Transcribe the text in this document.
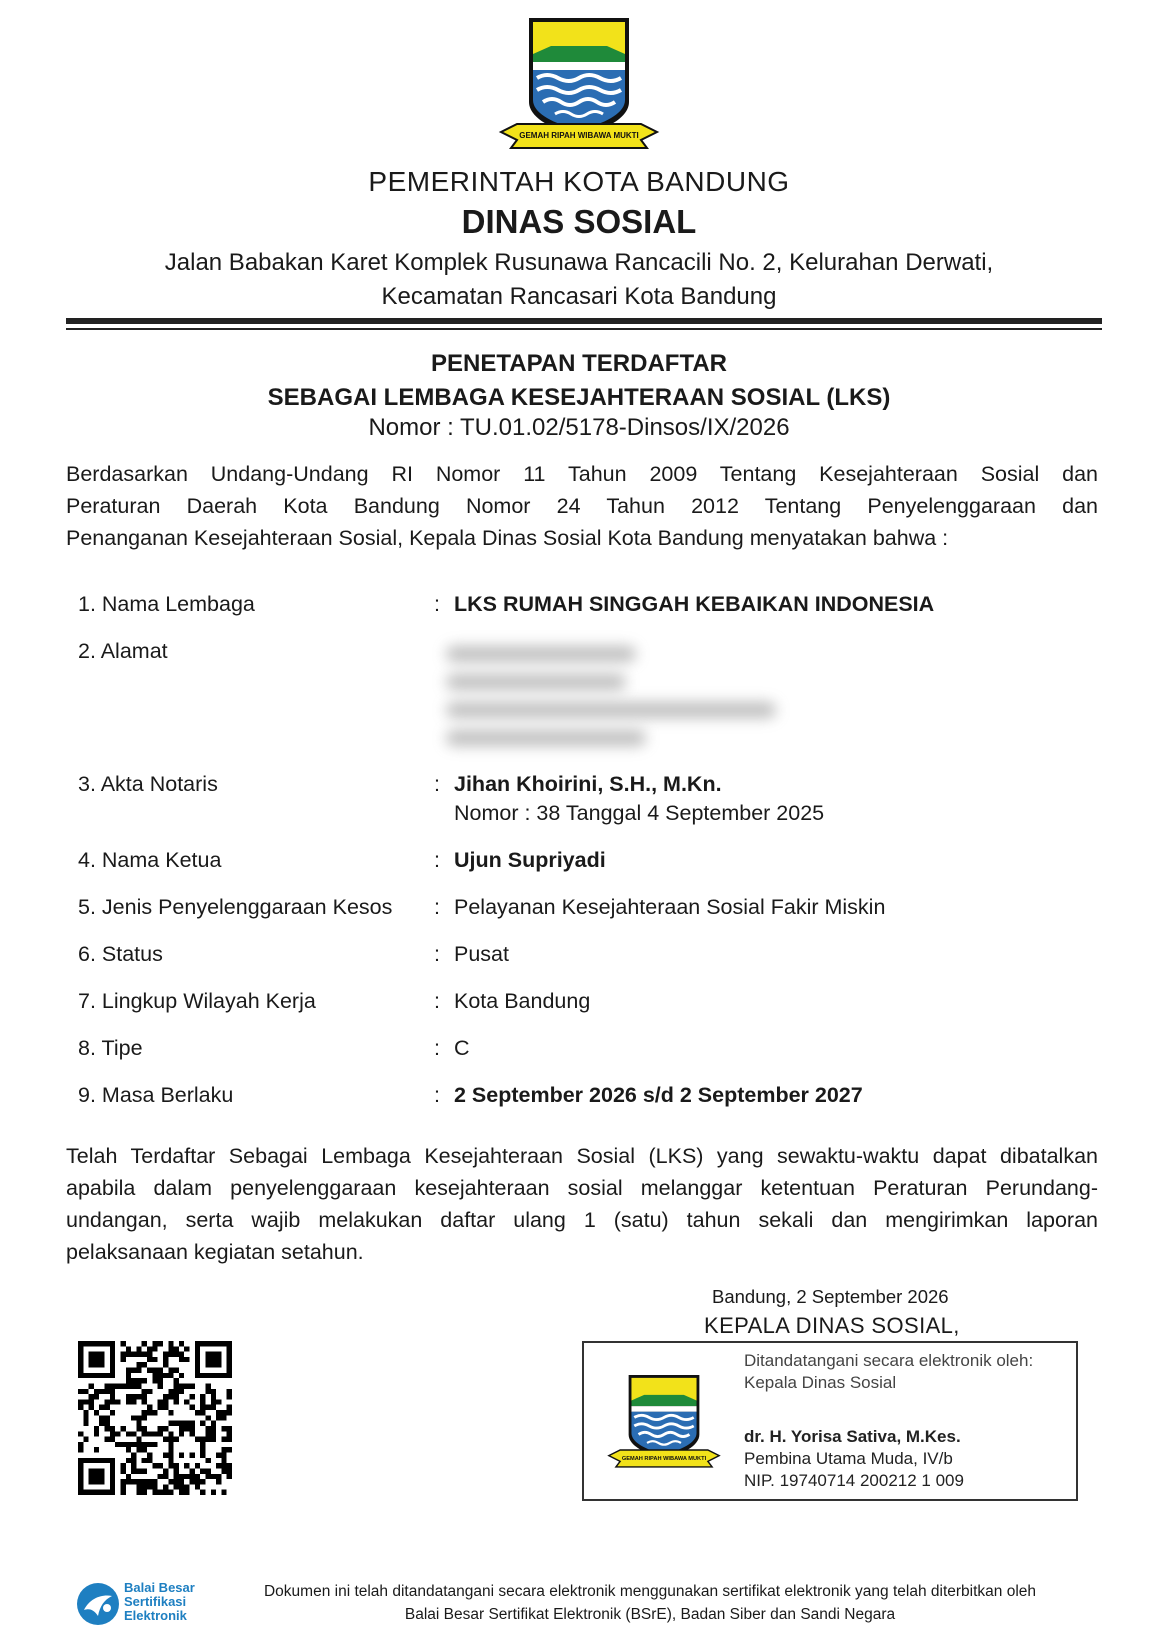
GEMAH RIPAH WIBAWA MUKTI
PEMERINTAH KOTA BANDUNG
DINAS SOSIAL
Jalan Babakan Karet Komplek Rusunawa Rancacili No. 2, Kelurahan Derwati,
Kecamatan Rancasari Kota Bandung
PENETAPAN TERDAFTAR
SEBAGAI LEMBAGA KESEJAHTERAAN SOSIAL (LKS)
Nomor : TU.01.02/5178-Dinsos/IX/2026
Berdasarkan Undang-Undang RI Nomor 11 Tahun 2009 Tentang Kesejahteraan Sosial dan
Peraturan Daerah Kota Bandung Nomor 24 Tahun 2012 Tentang Penyelenggaraan dan
Penanganan Kesejahteraan Sosial, Kepala Dinas Sosial Kota Bandung menyatakan bahwa :
1. Nama Lembaga	: LKS RUMAH SINGGAH KEBAIKAN INDONESIA
2. Alamat
3. Akta Notaris	: Jihan Khoirini, S.H., M.Kn.
Nomor : 38 Tanggal 4 September 2025
4. Nama Ketua	: Ujun Supriyadi
5. Jenis Penyelenggaraan Kesos : Pelayanan Kesejahteraan Sosial Fakir Miskin
6. Status	: Pusat
7. Lingkup Wilayah Kerja	: Kota Bandung
8. Tipe	: C
9. Masa Berlaku	: 2 September 2026 s/d 2 September 2027
Telah Terdaftar Sebagai Lembaga Kesejahteraan Sosial (LKS) yang sewaktu-waktu dapat dibatalkan
apabila dalam penyelenggaraan kesejahteraan sosial melanggar ketentuan Peraturan Perundang-
undangan, serta wajib melakukan daftar ulang 1 (satu) tahun sekali dan mengirimkan laporan
pelaksanaan kegiatan setahun.
Bandung, 2 September 2026
KEPALA DINAS SOSIAL,
GEMAH RIPAH WIBAWA MUKTI
Ditandatangani secara elektronik oleh:
Kepala Dinas Sosial
dr. H. Yorisa Sativa, M.Kes.
Pembina Utama Muda, IV/b
NIP. 19740714 200212 1 009
Balai Besar
Sertifikasi
Elektronik
Dokumen ini telah ditandatangani secara elektronik menggunakan sertifikat elektronik yang telah diterbitkan oleh
Balai Besar Sertifikat Elektronik (BSrE), Badan Siber dan Sandi Negara
